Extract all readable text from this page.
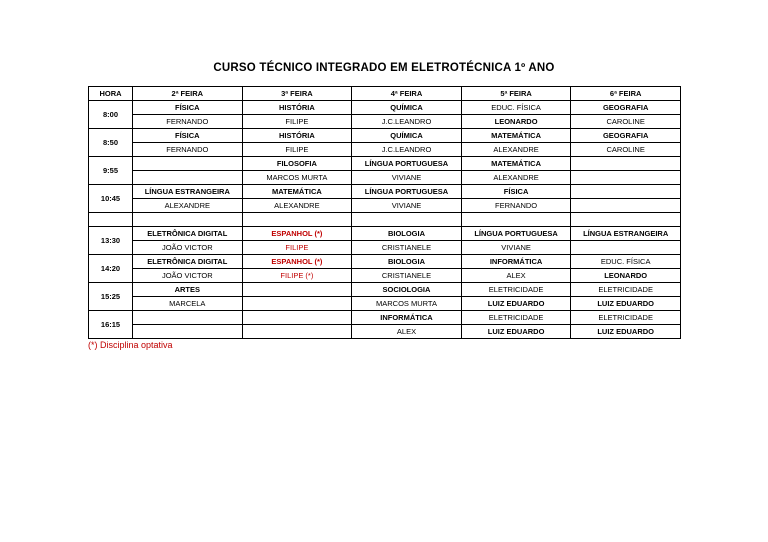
CURSO TÉCNICO INTEGRADO EM ELETROTÉCNICA 1º ANO
HORA	2ª FEIRA	3ª FEIRA	4ª FEIRA	5ª FEIRA	6ª FEIRA
8:00	FÍSICA	HISTÓRIA	QUÍMICA	EDUC. FÍSICA	GEOGRAFIA
	FERNANDO	FILIPE	J.C.LEANDRO	LEONARDO	CAROLINE
8:50	FÍSICA	HISTÓRIA	QUÍMICA	MATEMÁTICA	GEOGRAFIA
	FERNANDO	FILIPE	J.C.LEANDRO	ALEXANDRE	CAROLINE
9:55		FILOSOFIA	LÍNGUA PORTUGUESA	MATEMÁTICA	
		MARCOS MURTA	VIVIANE	ALEXANDRE	
10:45	LÍNGUA ESTRANGEIRA	MATEMÁTICA	LÍNGUA PORTUGUESA	FÍSICA	
	ALEXANDRE	ALEXANDRE	VIVIANE	FERNANDO	

13:30	ELETRÔNICA DIGITAL	ESPANHOL (*)	BIOLOGIA	LÍNGUA PORTUGUESA	LÍNGUA ESTRANGEIRA
	JOÃO VICTOR	FILIPE	CRISTIANELE	VIVIANE	
14:20	ELETRÔNICA DIGITAL	ESPANHOL (*)	BIOLOGIA	INFORMÁTICA	EDUC. FÍSICA
	JOÃO VICTOR	FILIPE (*)	CRISTIANELE	ALEX	LEONARDO
15:25	ARTES		SOCIOLOGIA	ELETRICIDADE	ELETRICIDADE
	MARCELA		MARCOS MURTA	LUIZ EDUARDO	LUIZ EDUARDO
16:15			INFORMÁTICA	ELETRICIDADE	ELETRICIDADE
			ALEX	LUIZ EDUARDO	LUIZ EDUARDO
(*) Disciplina optativa
